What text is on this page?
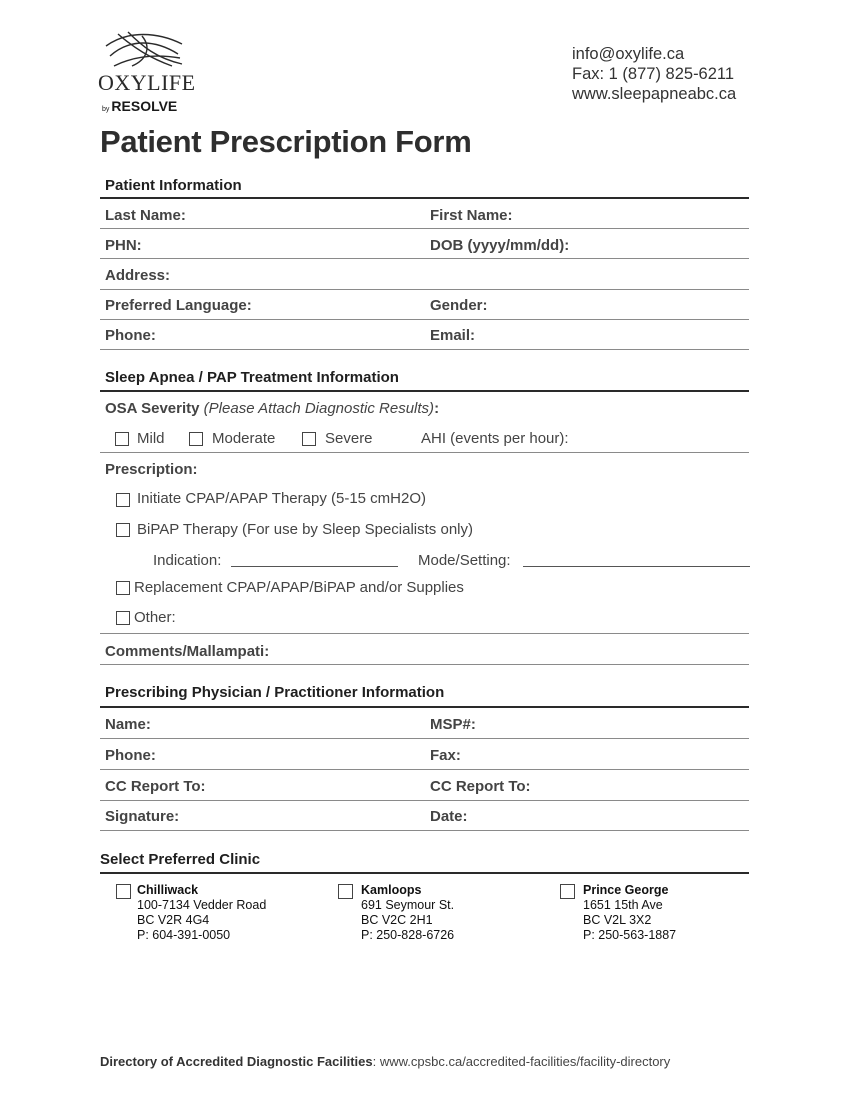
OXYLIFE
by RESOLVE
info@oxylife.ca
Fax: 1 (877) 825-6211
www.sleepapneabc.ca
Patient Prescription Form
Patient Information
Last Name:	First Name:
PHN:	DOB (yyyy/mm/dd):
Address:
Preferred Language:	Gender:
Phone:	Email:
Sleep Apnea / PAP Treatment Information
OSA Severity (Please Attach Diagnostic Results):
Mild	Moderate	Severe	AHI (events per hour):
Prescription:
Initiate CPAP/APAP Therapy (5-15 cmH2O)
BiPAP Therapy (For use by Sleep Specialists only)
Indication:	Mode/Setting:
Replacement CPAP/APAP/BiPAP and/or Supplies
Other:
Comments/Mallampati:
Prescribing Physician / Practitioner Information
Name:	MSP#:
Phone:	Fax:
CC Report To:	CC Report To:
Signature:	Date:
Select Preferred Clinic
Chilliwack
100-7134 Vedder Road
BC V2R 4G4
P: 604-391-0050
Kamloops
691 Seymour St.
BC V2C 2H1
P: 250-828-6726
Prince George
1651 15th Ave
BC V2L 3X2
P: 250-563-1887
Directory of Accredited Diagnostic Facilities: www.cpsbc.ca/accredited-facilities/facility-directory
